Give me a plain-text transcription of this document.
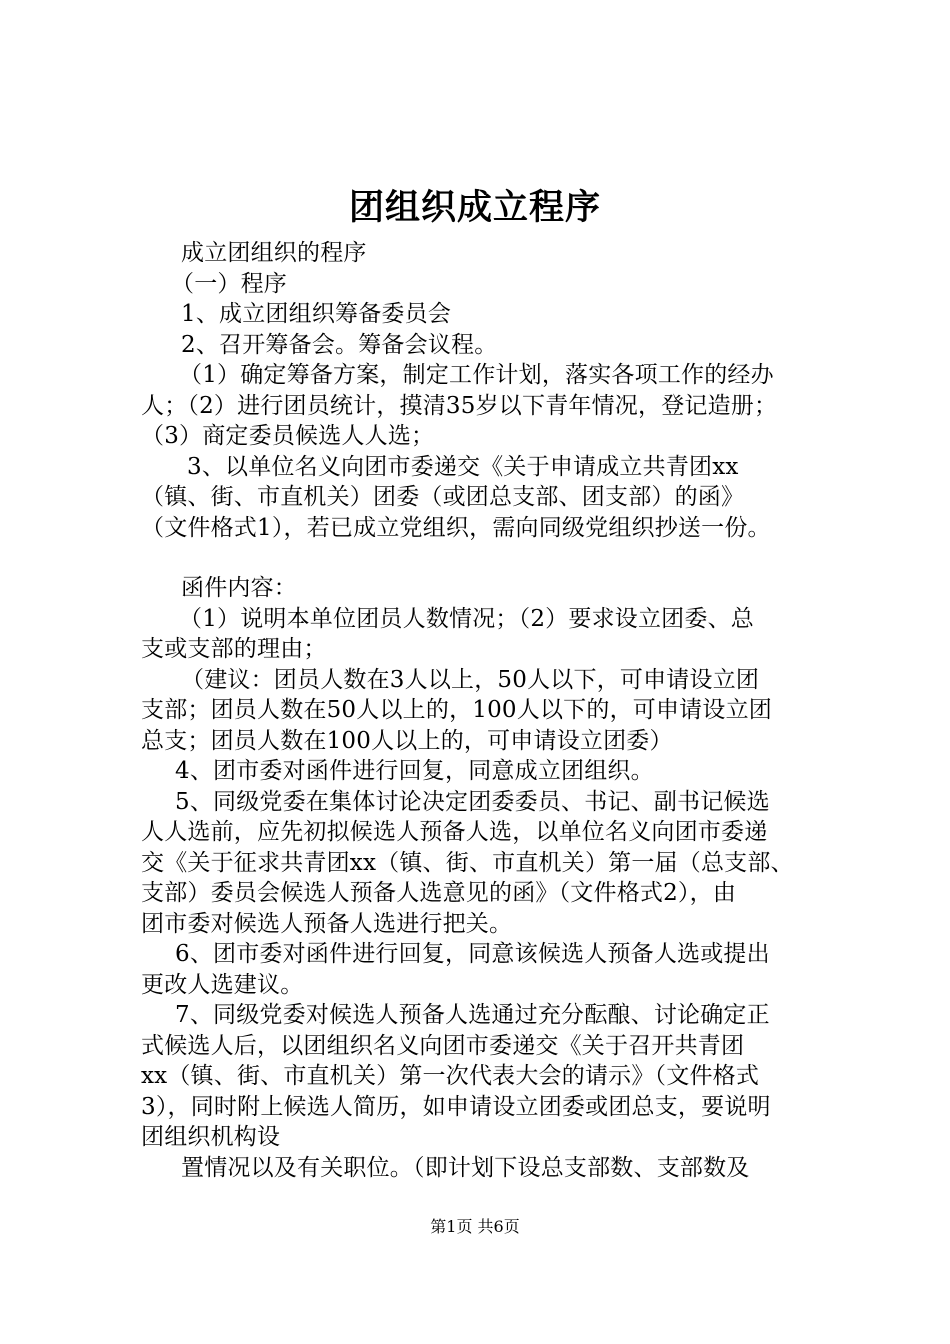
团组织成立程序

成立团组织的程序

（一）程序

1、成立团组织筹备委员会

2、召开筹备会。筹备会议程。

（1）确定筹备方案，制定工作计划，落实各项工作的经办

人；（2）进行团员统计，摸清35岁以下青年情况，登记造册；

（3）商定委员候选人人选；

3、以单位名义向团市委递交《关于申请成立共青团xx

（镇、街、市直机关）团委（或团总支部、团支部）的函》

（文件格式1），若已成立党组织，需向同级党组织抄送一份。

函件内容：

（1）说明本单位团员人数情况；（2）要求设立团委、总

支或支部的理由；

（建议：团员人数在3人以上，50人以下，可申请设立团

支部；团员人数在50人以上的，100人以下的，可申请设立团

总支；团员人数在100人以上的，可申请设立团委）

4、团市委对函件进行回复，同意成立团组织。

5、同级党委在集体讨论决定团委委员、书记、副书记候选

人人选前，应先初拟候选人预备人选，以单位名义向团市委递

交《关于征求共青团xx（镇、街、市直机关）第一届（总支部、

支部）委员会候选人预备人选意见的函》（文件格式2），由

团市委对候选人预备人选进行把关。

6、团市委对函件进行回复，同意该候选人预备人选或提出

更改人选建议。

7、同级党委对候选人预备人选通过充分酝酿、讨论确定正

式候选人后，以团组织名义向团市委递交《关于召开共青团

xx（镇、街、市直机关）第一次代表大会的请示》（文件格式

3），同时附上候选人简历，如申请设立团委或团总支，要说明

团组织机构设

置情况以及有关职位。（即计划下设总支部数、支部数及

第1页 共6页
